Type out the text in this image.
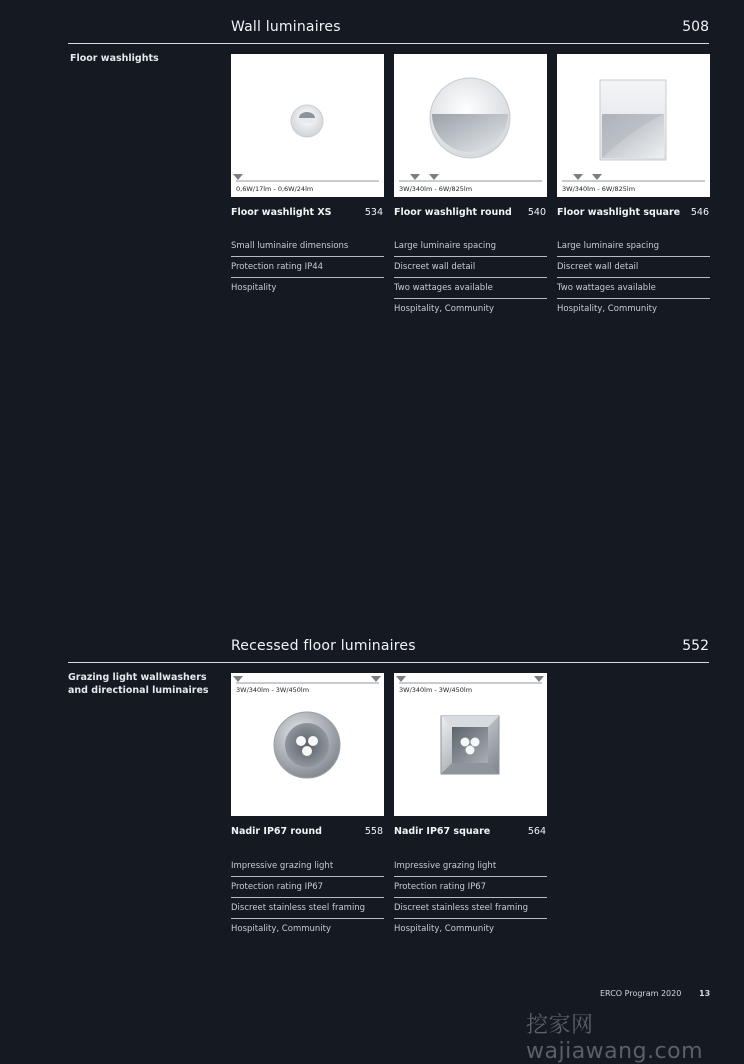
Wall luminaires	508
Floor washlights
0,6W/17lm - 0,6W/24lm
Floor washlight XS	534
Small luminaire dimensions
Protection rating IP44
Hospitality
3W/340lm - 6W/825lm
Floor washlight round	540
Large luminaire spacing
Discreet wall detail
Two wattages available
Hospitality, Community
3W/340lm - 6W/825lm
Floor washlight square	546
Large luminaire spacing
Discreet wall detail
Two wattages available
Hospitality, Community
Recessed floor luminaires	552
Grazing light wallwashers and directional luminaires	3W/340lm - 3W/450lm
Nadir IP67 round	558
Impressive grazing light
Protection rating IP67
Discreet stainless steel framing
Hospitality, Community
3W/340lm - 3W/450lm
Nadir IP67 square	564
Impressive grazing light
Protection rating IP67
Discreet stainless steel framing
Hospitality, Community
ERCO Program 2020 13
挖家网 wajiawang.com
